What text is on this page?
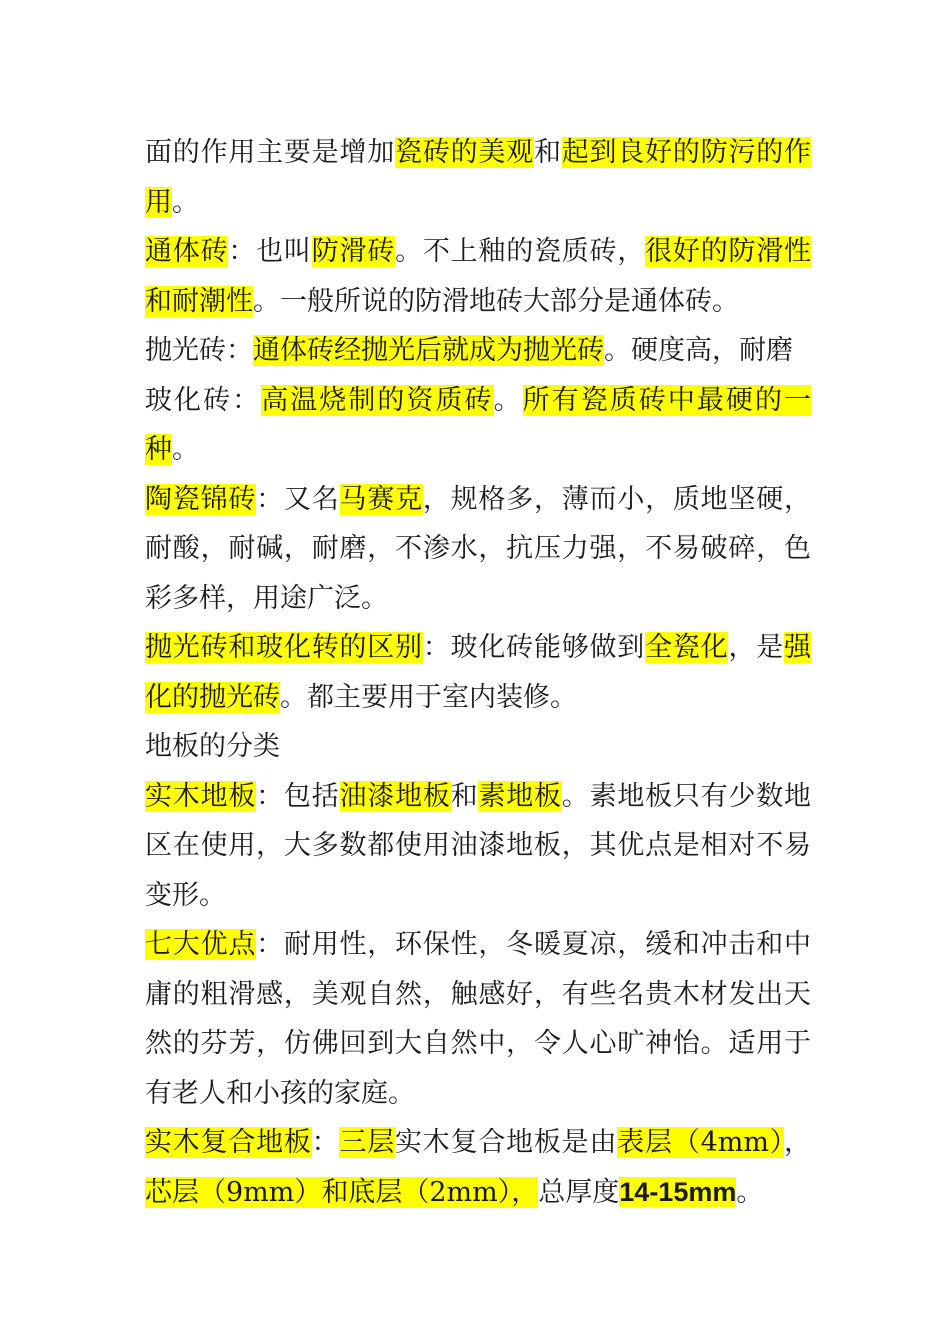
面的作用主要是增加瓷砖的美观和起到良好的防污的作用。

通体砖：也叫防滑砖。不上釉的瓷质砖，很好的防滑性和耐潮性。一般所说的防滑地砖大部分是通体砖。

抛光砖：通体砖经抛光后就成为抛光砖。硬度高，耐磨

玻化砖：高温烧制的资质砖。所有瓷质砖中最硬的一种。

陶瓷锦砖：又名马赛克，规格多，薄而小，质地坚硬，耐酸，耐碱，耐磨，不渗水，抗压力强，不易破碎，色彩多样，用途广泛。

抛光砖和玻化转的区别：玻化砖能够做到全瓷化，是强化的抛光砖。都主要用于室内装修。

地板的分类

实木地板：包括油漆地板和素地板。素地板只有少数地区在使用，大多数都使用油漆地板，其优点是相对不易变形。

七大优点：耐用性，环保性，冬暖夏凉，缓和冲击和中庸的粗滑感，美观自然，触感好，有些名贵木材发出天然的芬芳，仿佛回到大自然中，令人心旷神怡。适用于有老人和小孩的家庭。

实木复合地板：三层实木复合地板是由表层（4mm），芯层（9mm）和底层（2mm），总厚度14-15mm。
